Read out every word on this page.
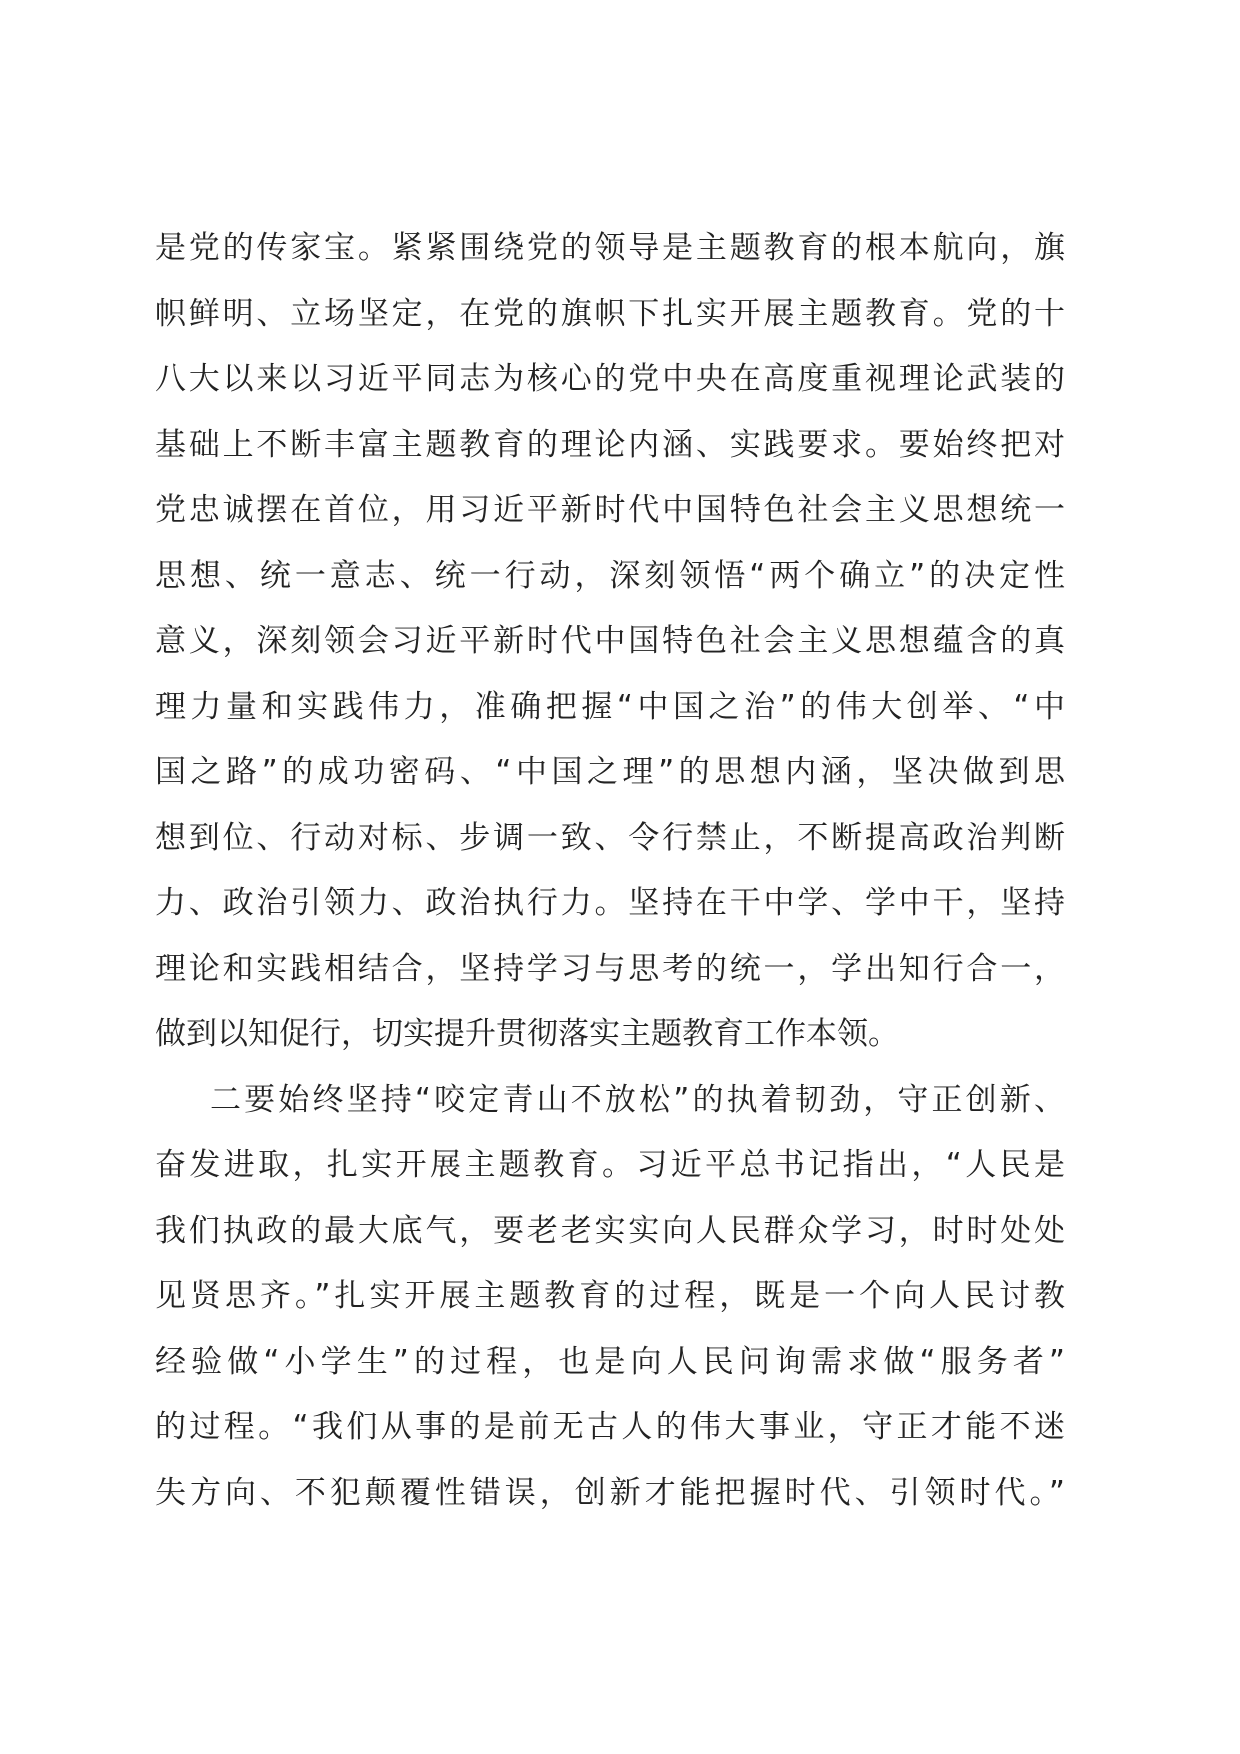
是党的传家宝。紧紧围绕党的领导是主题教育的根本航向，旗
帜鲜明、立场坚定，在党的旗帜下扎实开展主题教育。党的十
八大以来以习近平同志为核心的党中央在高度重视理论武装的
基础上不断丰富主题教育的理论内涵、实践要求。要始终把对
党忠诚摆在首位，用习近平新时代中国特色社会主义思想统一
思想、统一意志、统一行动，深刻领悟“两个确立”的决定性
意义，深刻领会习近平新时代中国特色社会主义思想蕴含的真
理力量和实践伟力，准确把握“中国之治”的伟大创举、“中
国之路”的成功密码、“中国之理”的思想内涵，坚决做到思
想到位、行动对标、步调一致、令行禁止，不断提高政治判断
力、政治引领力、政治执行力。坚持在干中学、学中干，坚持
理论和实践相结合，坚持学习与思考的统一，学出知行合一，
做到以知促行，切实提升贯彻落实主题教育工作本领。
二要始终坚持“咬定青山不放松”的执着韧劲，守正创新、
奋发进取，扎实开展主题教育。习近平总书记指出，“人民是
我们执政的最大底气，要老老实实向人民群众学习，时时处处
见贤思齐。”扎实开展主题教育的过程，既是一个向人民讨教
经验做“小学生”的过程，也是向人民问询需求做“服务者”
的过程。“我们从事的是前无古人的伟大事业，守正才能不迷
失方向、不犯颠覆性错误，创新才能把握时代、引领时代。”
